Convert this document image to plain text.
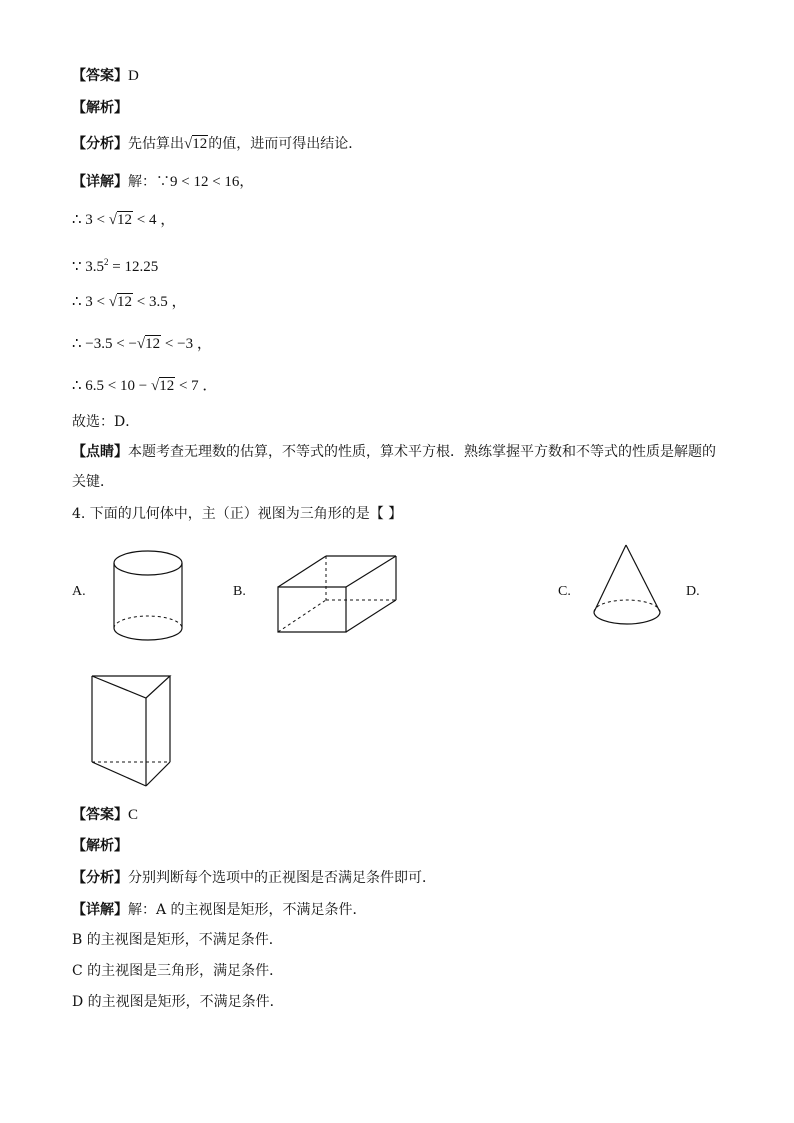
【答案】D
【解析】
【分析】先估算出√12的值，进而可得出结论．
【详解】解：∵9 < 12 < 16，
∴ 3 < √12 < 4 ，
∵ $3.5^2 = 12.25$
∴ 3 < √12 < 3.5 ，
∴ −3.5 < −√12 < −3 ，
∴ 6.5 < 10 − √12 < 7 ．
故选：D．
【点睛】本题考查无理数的估算，不等式的性质，算术平方根．熟练掌握平方数和不等式的性质是解题的
关键．
4. 下面的几何体中，主（正）视图为三角形的是【 】
A.	B.	C.	D.
【答案】C
【解析】
【分析】分别判断每个选项中的正视图是否满足条件即可．
【详解】解：A 的主视图是矩形，不满足条件．
B 的主视图是矩形，不满足条件．
C 的主视图是三角形，满足条件．
D 的主视图是矩形，不满足条件．
